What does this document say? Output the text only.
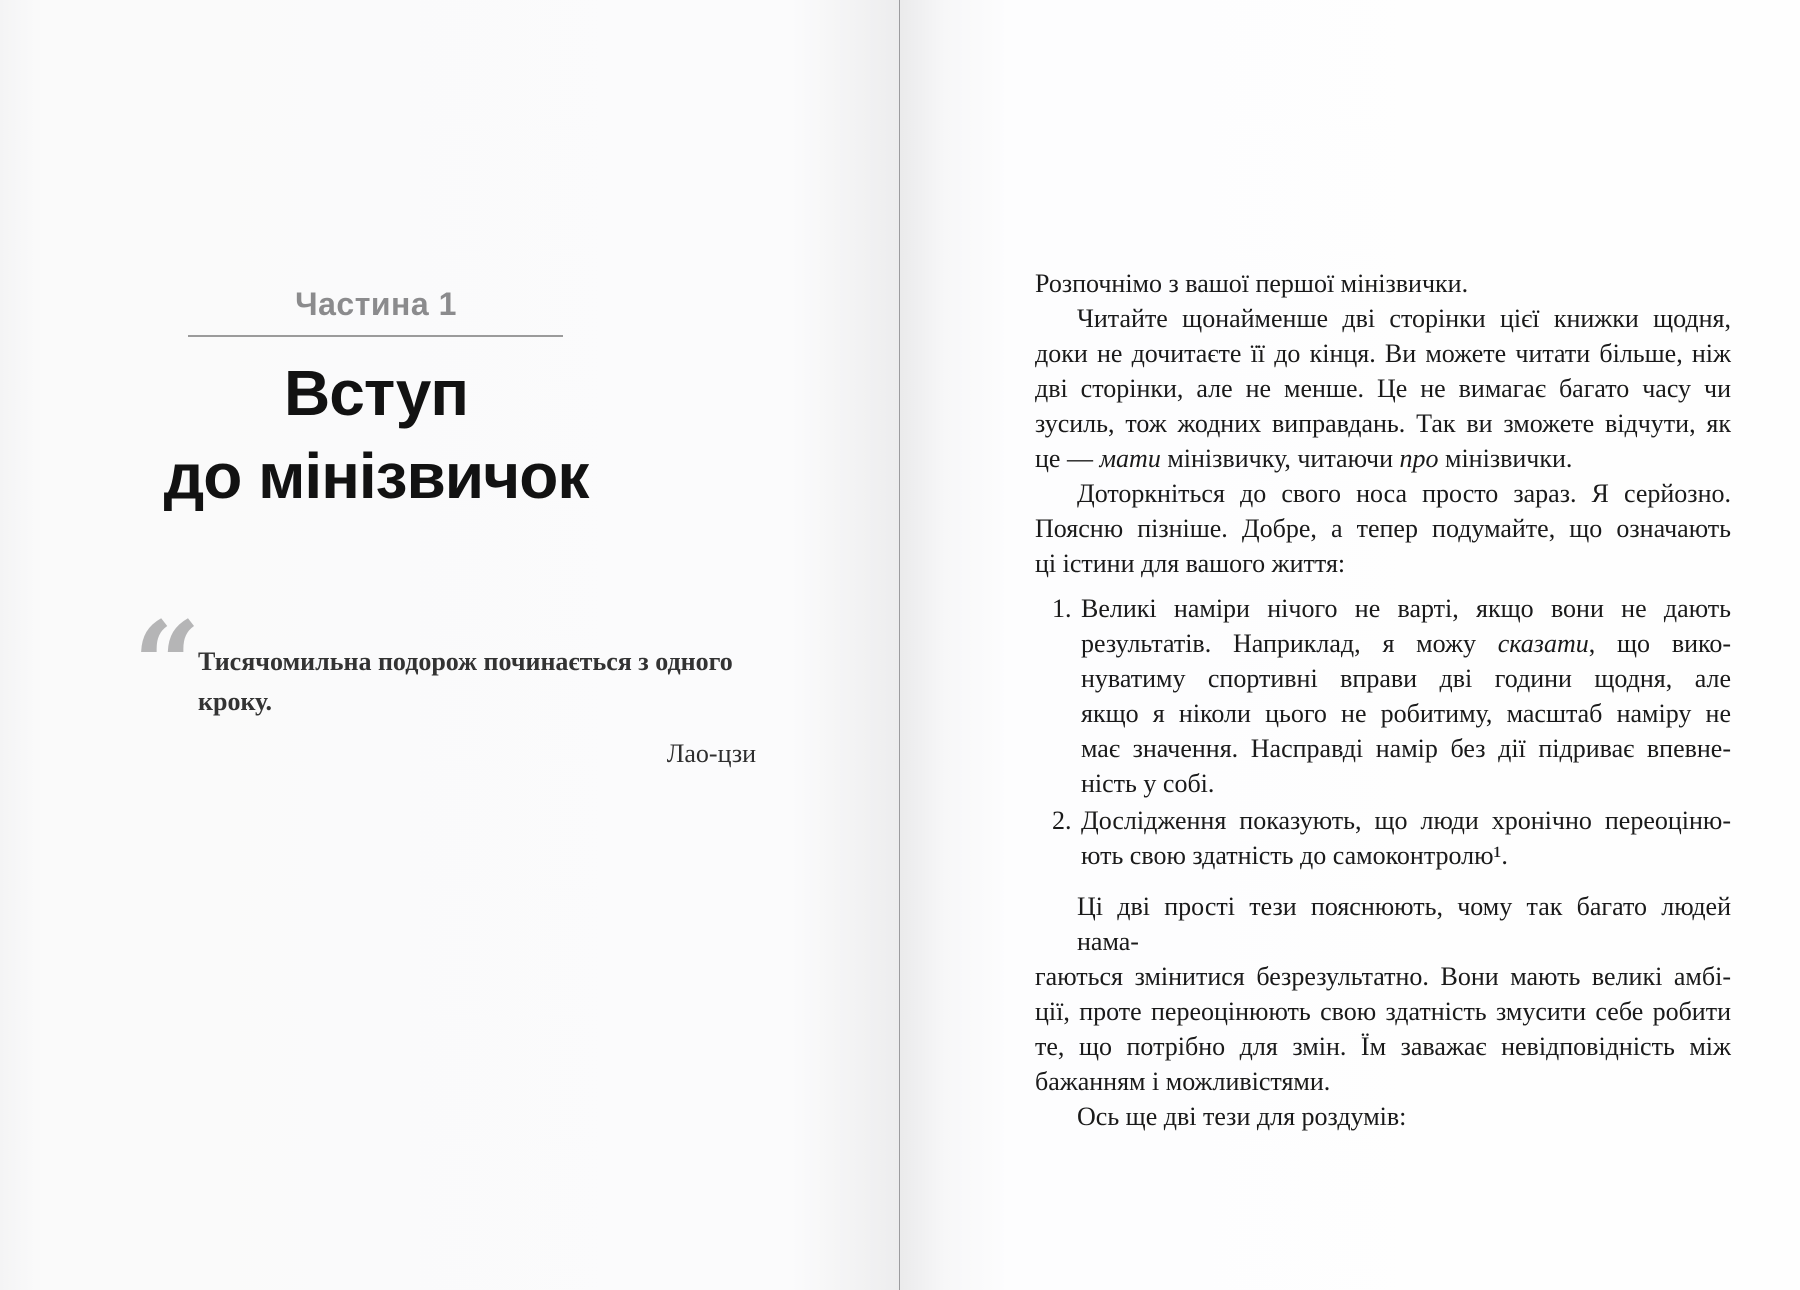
Частина 1
Вступ
до мінізвичок
“
Тисячомильна подорож починається з одного
кроку.
Лао-цзи
Розпочнімо з вашої першої мінізвички.
Читайте щонайменше дві сторінки цієї книжки щодня,
доки не дочитаєте її до кінця. Ви можете читати більше, ніж
дві сторінки, але не менше. Це не вимагає багато часу чи
зусиль, тож жодних виправдань. Так ви зможете відчути, як
це — мати мінізвичку, читаючи про мінізвички.
Доторкніться до свого носа просто зараз. Я серйозно.
Поясню пізніше. Добре, а тепер подумайте, що означають
ці істини для вашого життя:
1. Великі наміри нічого не варті, якщо вони не дають
результатів. Наприклад, я можу сказати, що вико-
нуватиму спортивні вправи дві години щодня, але
якщо я ніколи цього не робитиму, масштаб наміру не
має значення. Насправді намір без дії підриває впевне-
ність у собі.
2. Дослідження показують, що люди хронічно переоціню-
ють свою здатність до самоконтролю¹.
Ці дві прості тези пояснюють, чому так багато людей нама-
гаються змінитися безрезультатно. Вони мають великі амбі-
ції, проте переоцінюють свою здатність змусити себе робити
те, що потрібно для змін. Їм заважає невідповідність між
бажанням і можливістями.
Ось ще дві тези для роздумів:
